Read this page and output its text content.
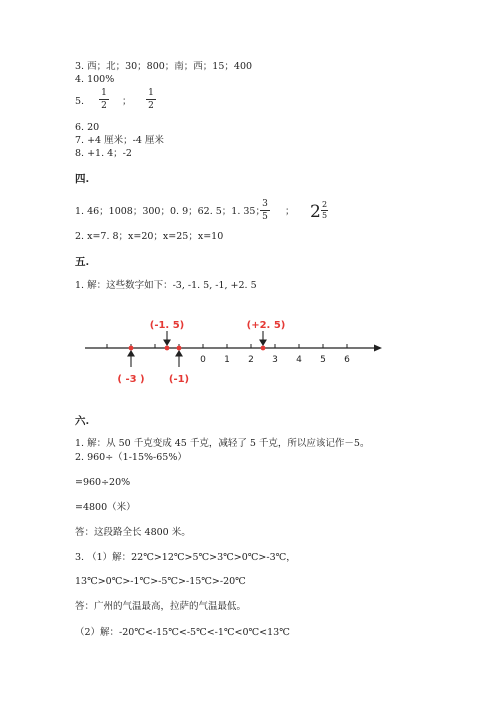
3. 西；北；30；800；南；西；15；400
4. 100%
5.
1
2 ；
1
2
6. 20
7. +4 厘米；-4 厘米
8. +1. 4；-2
四.
1. 46；1008；300；0. 9；62. 5；1. 35；
3
5 ； 2 2
5
2. x=7. 8；x=20；x=25；x=10
五.
1. 解：这些数字如下：-3, -1. 5, -1, +2. 5
0 1 2 3 4 5 6
(-1. 5)	(+2. 5)
( -3 ) (-1)
六.
1. 解：从 50 千克变成 45 千克，减轻了 5 千克，所以应该记作－5。
2. 960÷（1-15%-65%）
=960÷20%
=4800（米）
答：这段路全长 4800 米。
3. （1）解：22℃>12℃>5℃>3℃>0℃>-3℃，
13℃>0℃>-1℃>-5℃>-15℃>-20℃
答：广州的气温最高，拉萨的气温最低。
（2）解：-20℃<-15℃<-5℃<-1℃<0℃<13℃
